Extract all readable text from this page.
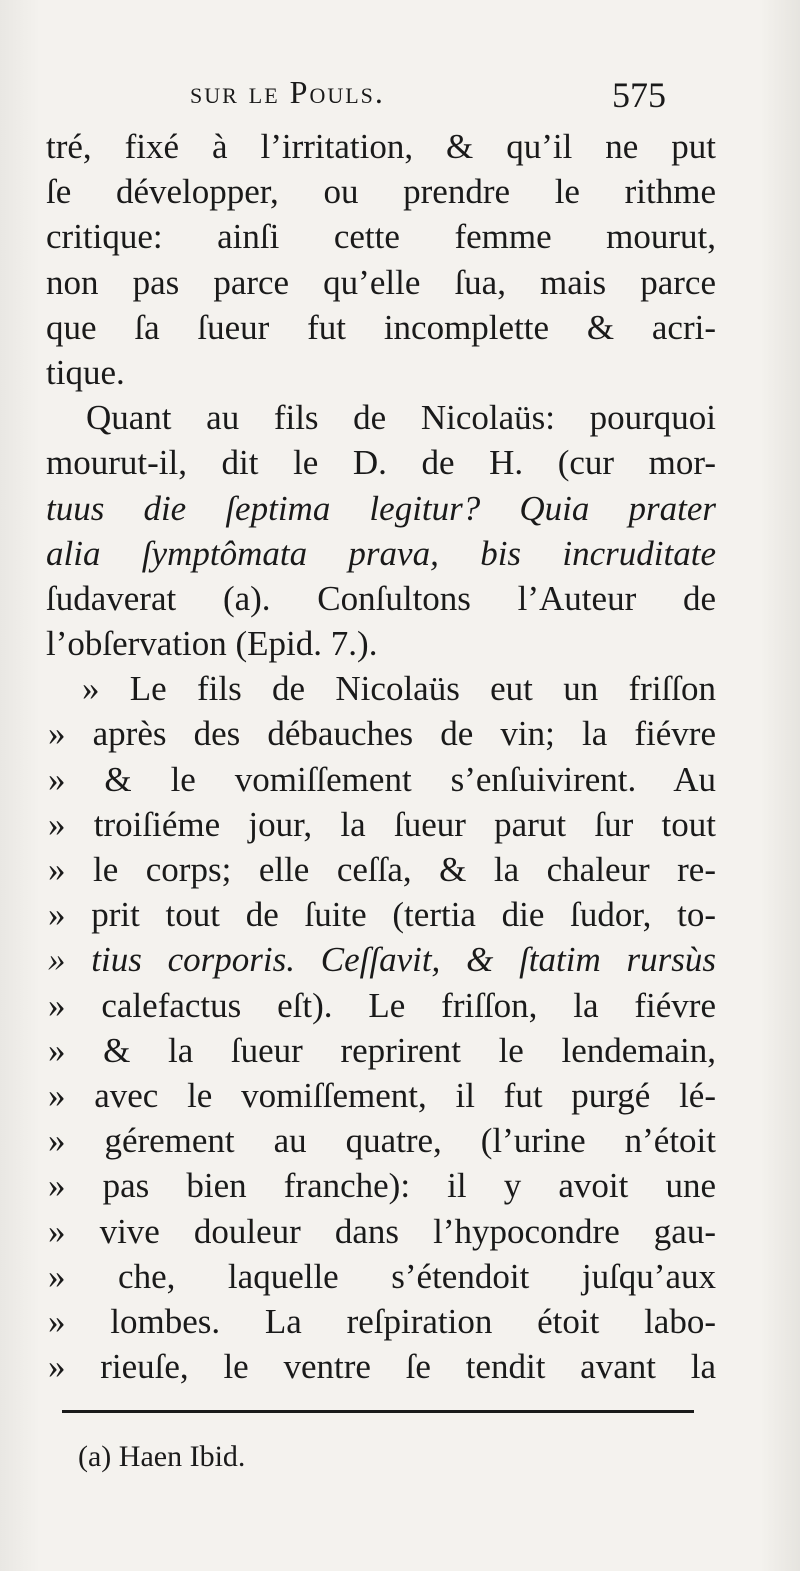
sur le Pouls.	575
tré, fixé à l’irritation, & qu’il ne put
ſe développer, ou prendre le rithme
critique: ainſi cette femme mourut,
non pas parce qu’elle ſua, mais parce
que ſa ſueur fut incomplette & acri-
tique.
Quant au fils de Nicolaüs: pourquoi
mourut-il, dit le D. de H. (cur mor-
tuus die ſeptima legitur? Quia prater
alia ſymptômata prava, bis incruditate
ſudaverat (a). Conſultons l’Auteur de
l’obſervation (Epid. 7.).
» Le fils de Nicolaüs eut un friſſon
» après des débauches de vin; la fiévre
» & le vomiſſement s’enſuivirent. Au
» troiſiéme jour, la ſueur parut ſur tout
» le corps; elle ceſſa, & la chaleur re-
» prit tout de ſuite (tertia die ſudor, to-
» tius corporis. Ceſſavit, & ſtatim rursùs
» calefactus eſt). Le friſſon, la fiévre
» & la ſueur reprirent le lendemain,
» avec le vomiſſement, il fut purgé lé-
» gérement au quatre, (l’urine n’étoit
» pas bien franche): il y avoit une
» vive douleur dans l’hypocondre gau-
» che, laquelle s’étendoit juſqu’aux
» lombes. La reſpiration étoit labo-
» rieuſe, le ventre ſe tendit avant la
(a) Haen Ibid.
